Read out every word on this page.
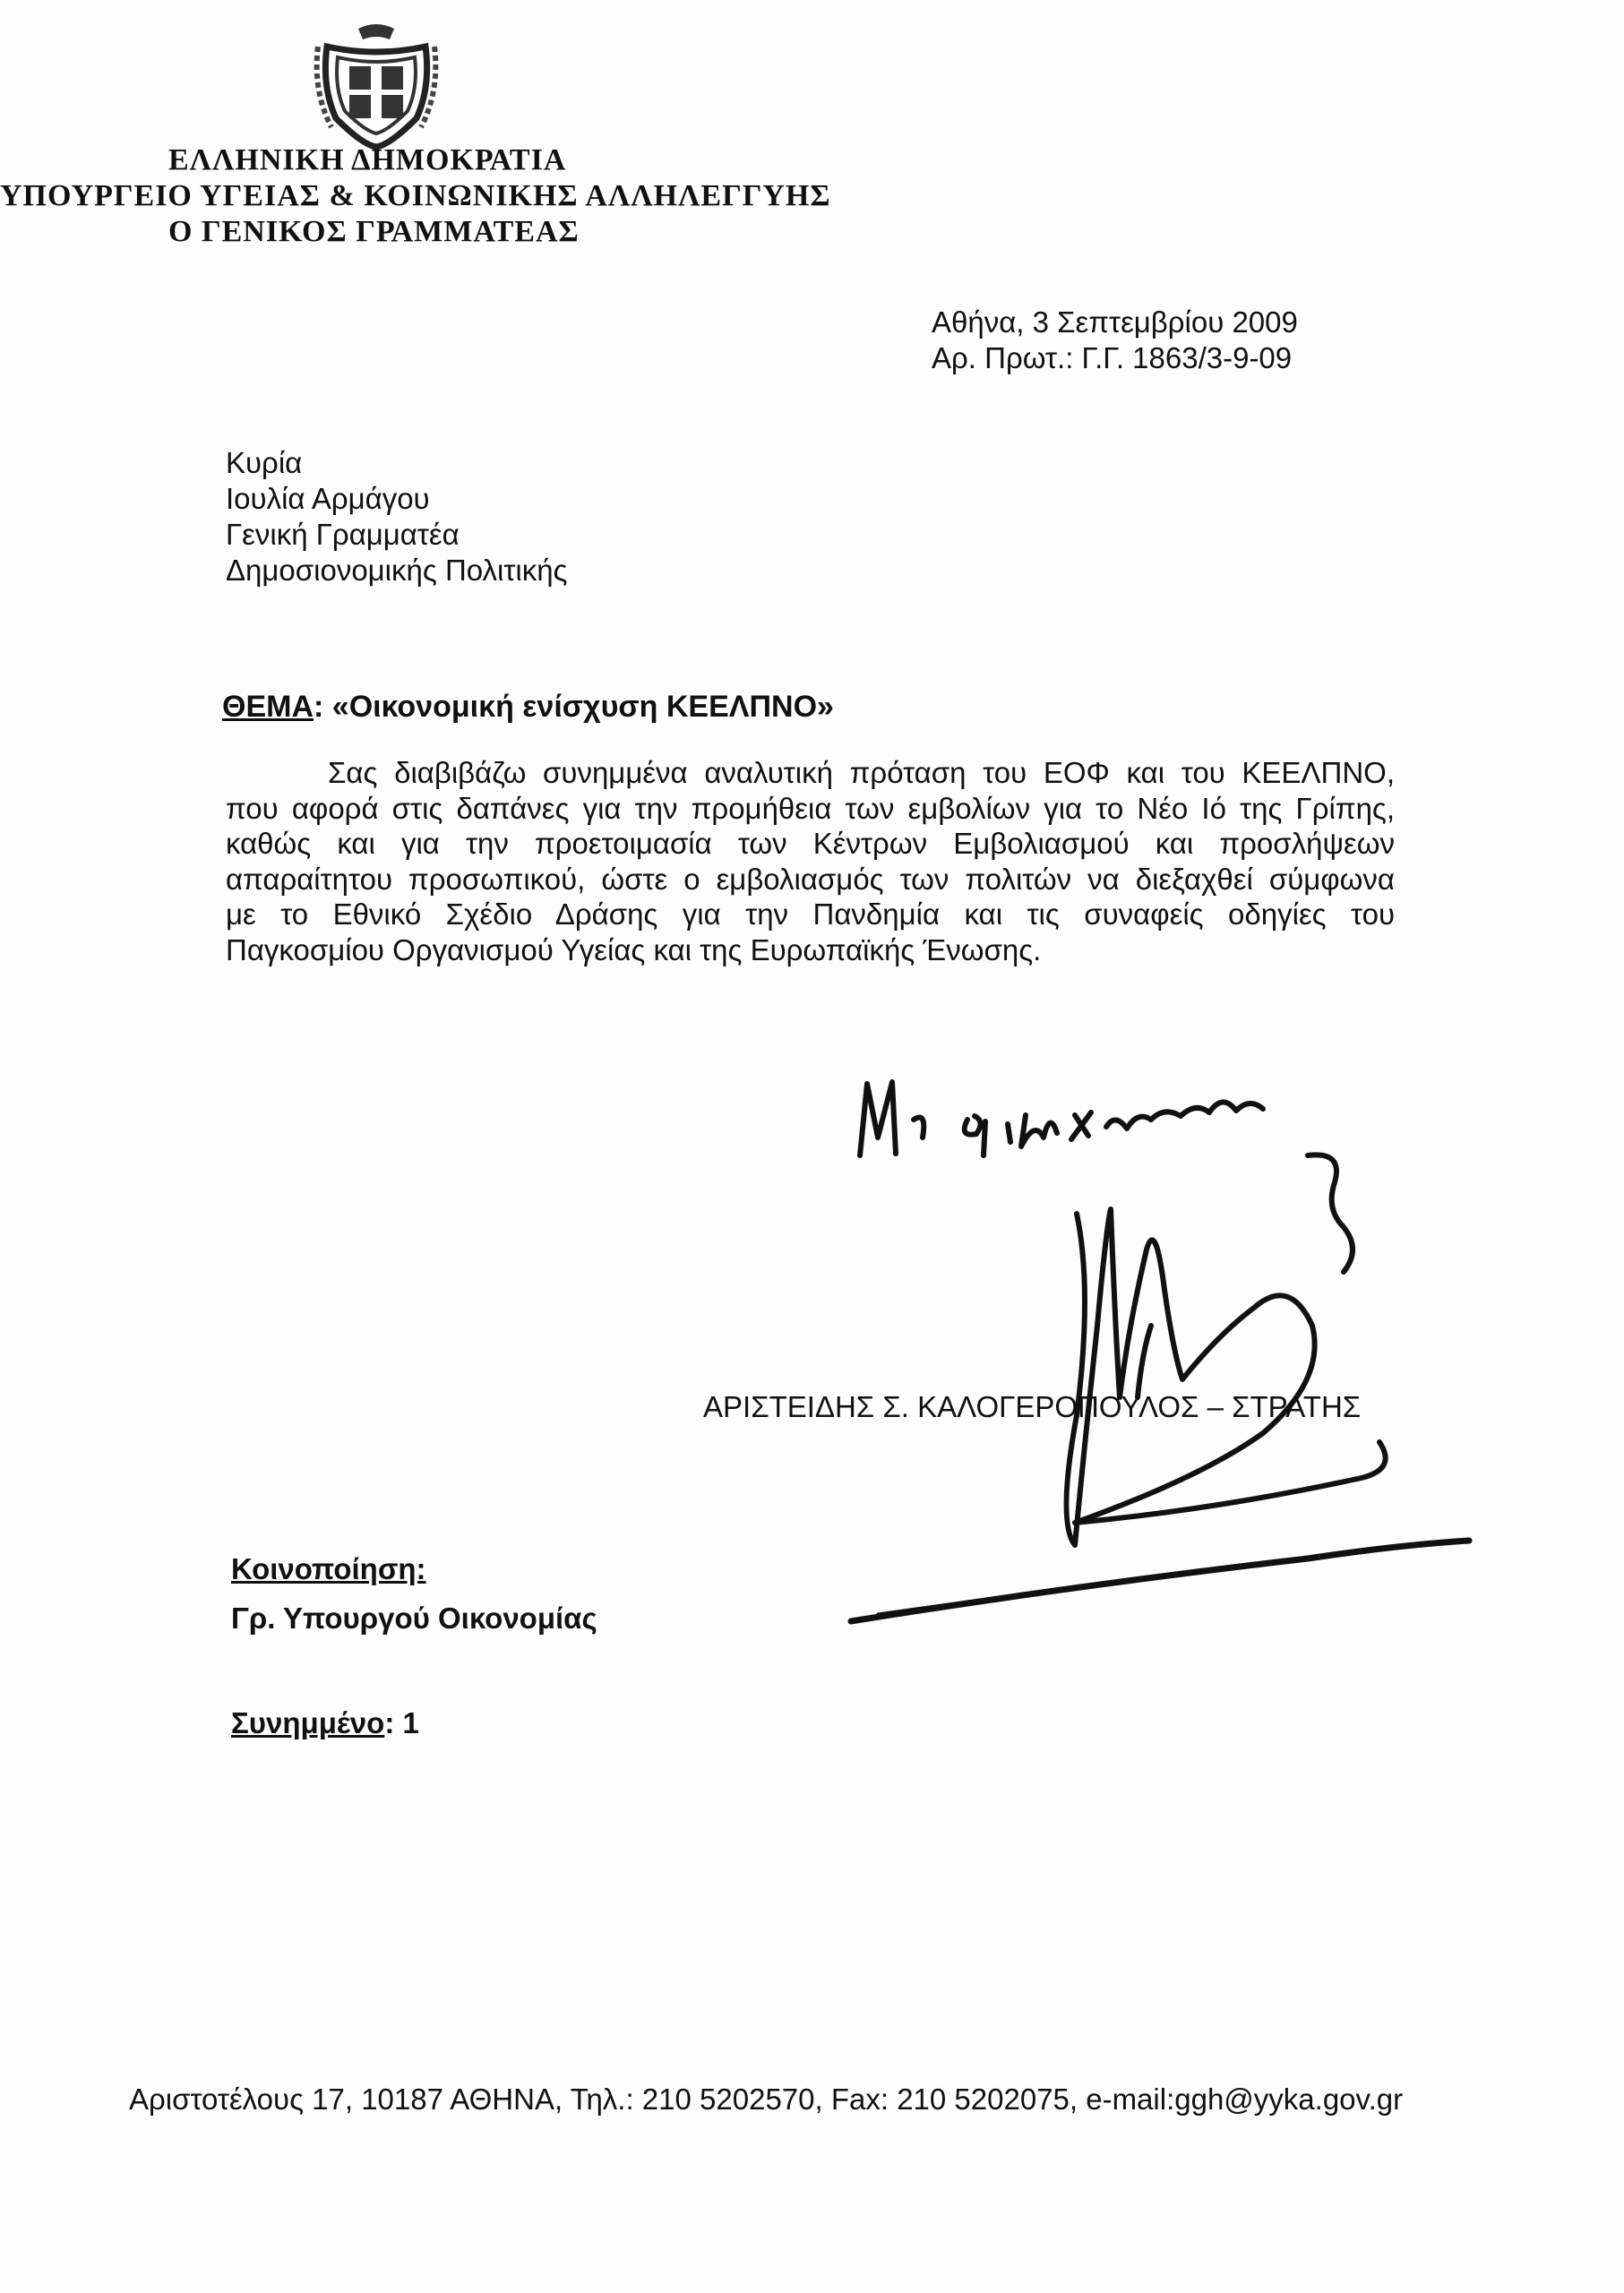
ΕΛΛΗΝΙΚΗ ΔΗΜΟΚΡΑΤΙΑ
ΥΠΟΥΡΓΕΙΟ ΥΓΕΙΑΣ & ΚΟΙΝΩΝΙΚΗΣ ΑΛΛΗΛΕΓΓΥΗΣ
Ο ΓΕΝΙΚΟΣ ΓΡΑΜΜΑΤΕΑΣ
Αθήνα, 3 Σεπτεμβρίου 2009
Αρ. Πρωτ.: Γ.Γ. 1863/3-9-09
Κυρία
Ιουλία Αρμάγου
Γενική Γραμματέα
Δημοσιονομικής Πολιτικής
ΘΕΜΑ: «Οικονομική ενίσχυση ΚΕΕΛΠΝΟ»
Σας διαβιβάζω συνημμένα αναλυτική πρόταση του ΕΟΦ και του ΚΕΕΛΠΝΟ,
που αφορά στις δαπάνες για την προμήθεια των εμβολίων για το Νέο Ιό της Γρίπης,
καθώς και για την προετοιμασία των Κέντρων Εμβολιασμού και προσλήψεων
απαραίτητου προσωπικού, ώστε ο εμβολιασμός των πολιτών να διεξαχθεί σύμφωνα
με το Εθνικό Σχέδιο Δράσης για την Πανδημία και τις συναφείς οδηγίες του
Παγκοσμίου Οργανισμού Υγείας και της Ευρωπαϊκής Ένωσης.
ΑΡΙΣΤΕΙΔΗΣ Σ. ΚΑΛΟΓΕΡΟΠΟΥΛΟΣ – ΣΤΡΑΤΗΣ
Κοινοποίηση:
Γρ. Υπουργού Οικονομίας
Συνημμένο: 1
Αριστοτέλους 17, 10187 ΑΘΗΝΑ, Τηλ.: 210 5202570, Fax: 210 5202075, e-mail:ggh@yyka.gov.gr
